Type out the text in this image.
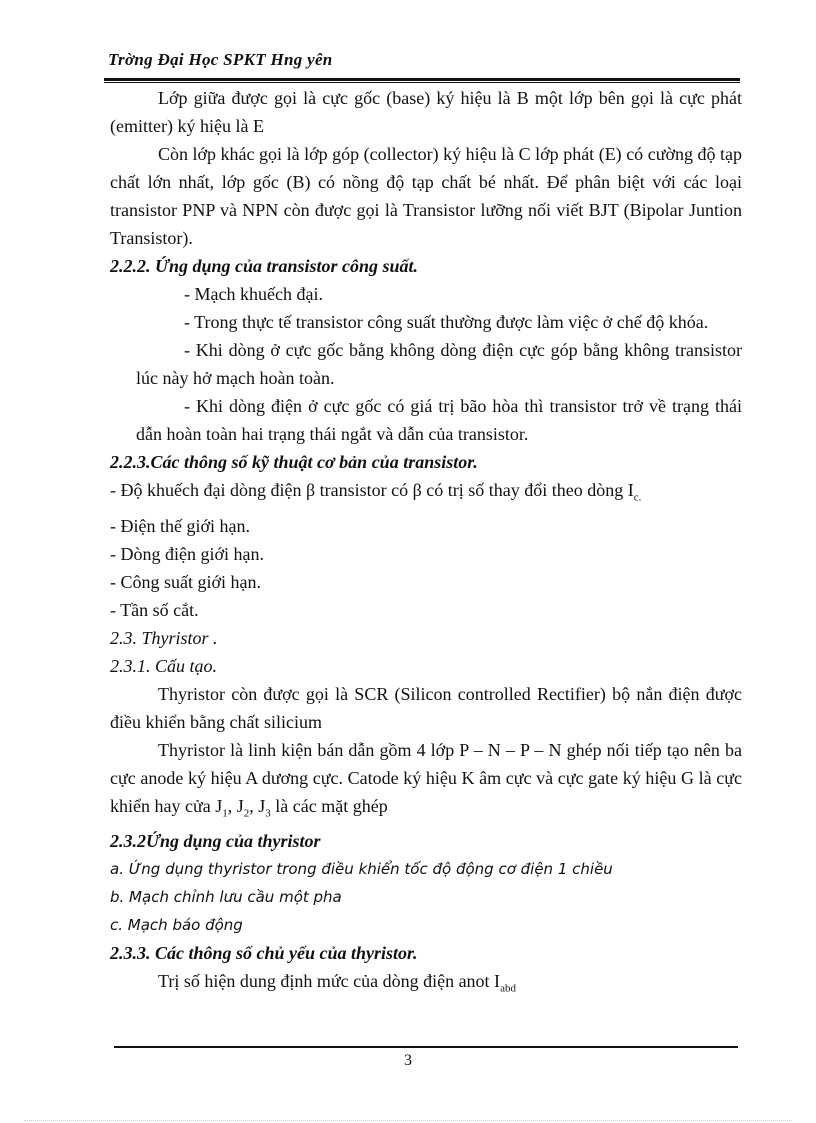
Trờng Đại Học SPKT Hng yên

Lớp giữa được gọi là cực gốc (base) ký hiệu là B một lớp bên gọi là cực phát (emitter) ký hiệu là E

Còn lớp khác gọi là lớp góp (collector) ký hiệu là C lớp phát (E) có cường độ tạp chất lớn nhất, lớp gốc (B) có nồng độ tạp chất bé nhất. Để phân biệt với các loại transistor PNP và NPN còn được gọi là Transistor lưỡng nối viết BJT (Bipolar Juntion Transistor).

2.2.2. Ứng dụng của transistor công suất.

- Mạch khuếch đại.

- Trong thực tế transistor công suất thường được làm việc ở chế độ khóa.

- Khi dòng ở cực gốc bằng không dòng điện cực góp bằng không transistor lúc này hở mạch hoàn toàn.

- Khi dòng điện ở cực gốc có giá trị bão hòa thì transistor trở về trạng thái dẫn hoàn toàn hai trạng thái ngắt và dẫn của transistor.

2.2.3.Các thông số kỹ thuật cơ bản của transistor.

- Độ khuếch đại dòng điện β transistor có β có trị số thay đổi theo dòng $I_{c.}$

- Điện thế giới hạn.

- Dòng điện giới hạn.

- Công suất giới hạn.

- Tần số cắt.

2.3. Thyristor .

2.3.1. Cấu tạo.

Thyristor còn được gọi là SCR (Silicon controlled Rectifier) bộ nắn điện được điều khiển bằng chất silicium

Thyristor là linh kiện bán dẫn gồm 4 lớp P – N – P – N ghép nối tiếp tạo nên ba cực anode ký hiệu A dương cực. Catode ký hiệu K âm cực và cực gate ký hiệu G là cực khiển hay cửa $J_1$, $J_2$, $J_3$ là các mặt ghép

2.3.2Ứng dụng của thyristor

a. Ứng dụng thyristor trong điều khiển tốc độ động cơ điện 1 chiều

b. Mạch chỉnh lưu cầu một pha

c. Mạch báo động

2.3.3. Các thông số chủ yếu của thyristor.

Trị số hiện dung định mức của dòng điện anot $I_{abd}$

3
